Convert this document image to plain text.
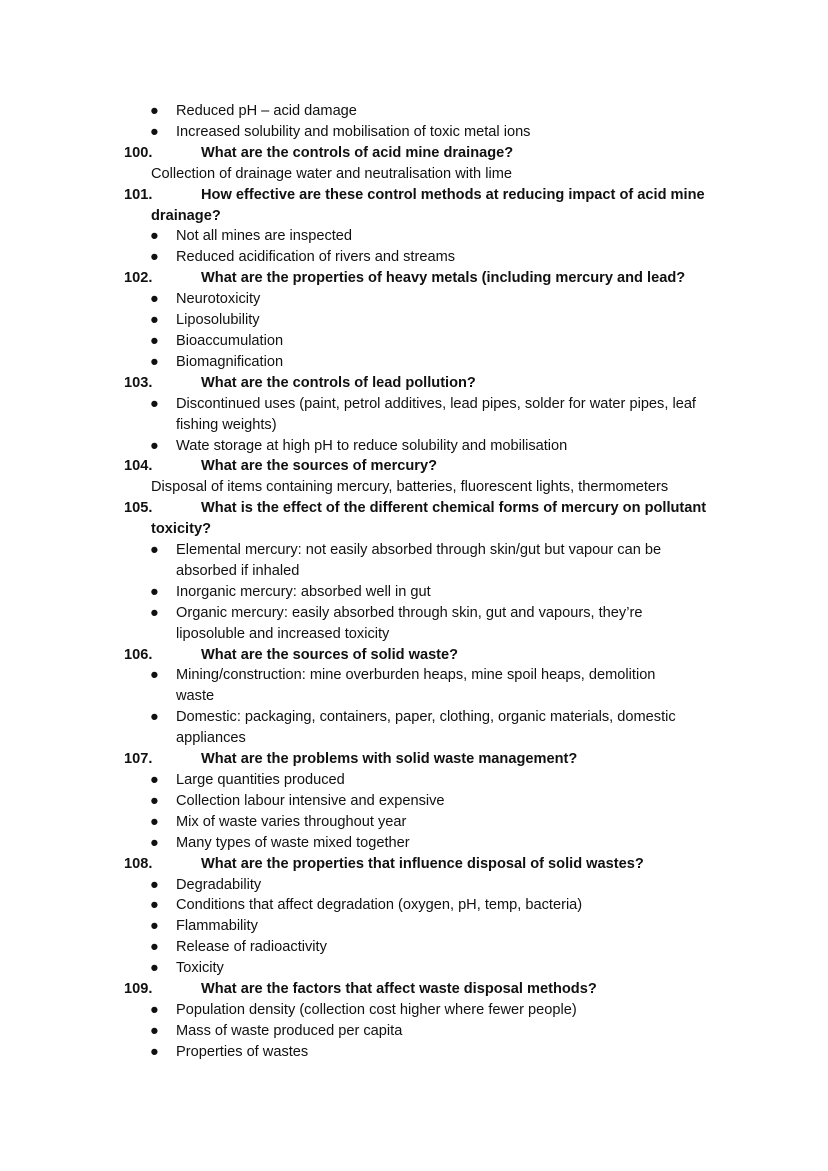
●	Reduced pH – acid damage
●	Increased solubility and mobilisation of toxic metal ions
100.	What are the controls of acid mine drainage?

Collection of drainage water and neutralisation with lime
101.	How effective are these control methods at reducing impact of acid mine

drainage?
●	Not all mines are inspected
●	Reduced acidification of rivers and streams
102.	What are the properties of heavy metals (including mercury and lead?

●	Neurotoxicity
●	Liposolubility
●	Bioaccumulation
●	Biomagnification
103.	What are the controls of lead pollution?

●	Discontinued uses (paint, petrol additives, lead pipes, solder for water pipes, leaf
fishing weights)
●	Wate storage at high pH to reduce solubility and mobilisation
104.	What are the sources of mercury?

Disposal of items containing mercury, batteries, fluorescent lights, thermometers
105.	What is the effect of the different chemical forms of mercury on pollutant

toxicity?
●	Elemental mercury: not easily absorbed through skin/gut but vapour can be
absorbed if inhaled
●	Inorganic mercury: absorbed well in gut
●	Organic mercury: easily absorbed through skin, gut and vapours, they’re
liposoluble and increased toxicity
106.	What are the sources of solid waste?

●	Mining/construction: mine overburden heaps, mine spoil heaps, demolition
waste
●	Domestic: packaging, containers, paper, clothing, organic materials, domestic
appliances
107.	What are the problems with solid waste management?

●	Large quantities produced
●	Collection labour intensive and expensive
●	Mix of waste varies throughout year
●	Many types of waste mixed together
108.	What are the properties that influence disposal of solid wastes?

●	Degradability
●	Conditions that affect degradation (oxygen, pH, temp, bacteria)
●	Flammability
●	Release of radioactivity
●	Toxicity
109.	What are the factors that affect waste disposal methods?

●	Population density (collection cost higher where fewer people)
●	Mass of waste produced per capita
●	Properties of wastes
